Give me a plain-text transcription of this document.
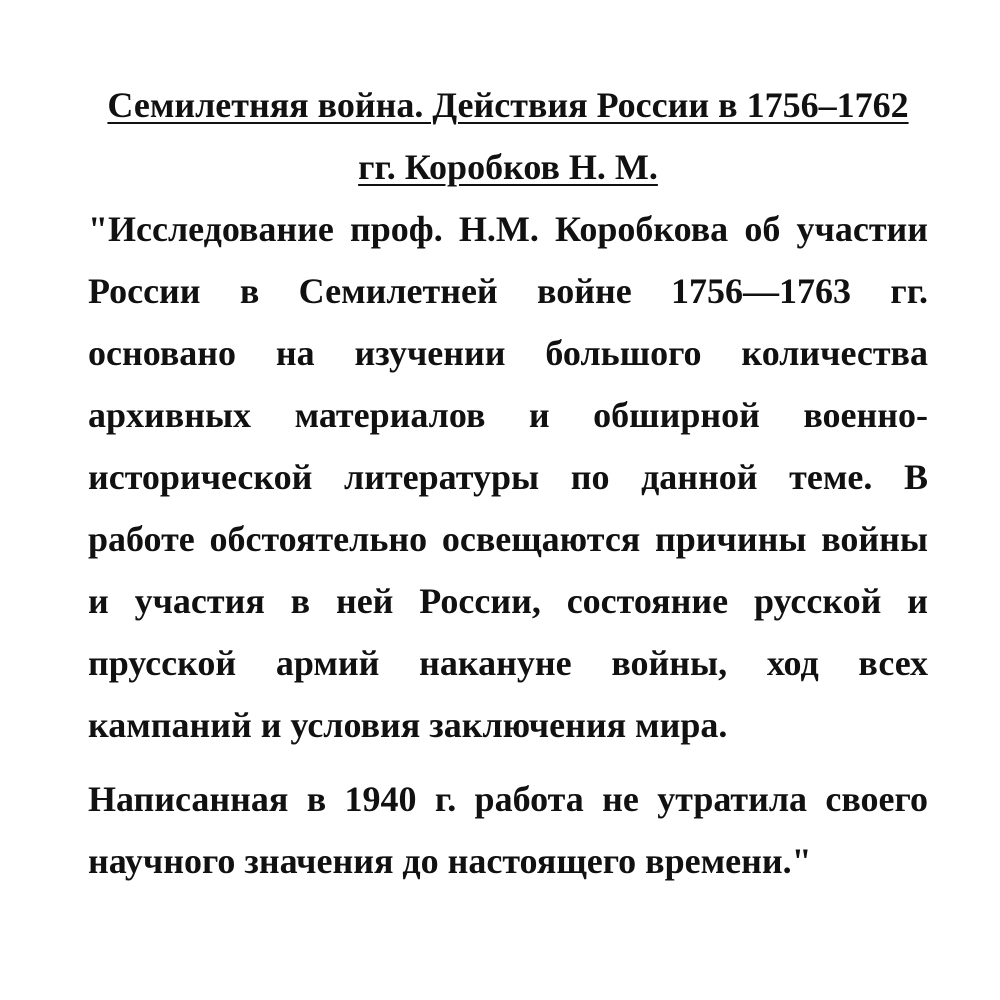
Семилетняя война. Действия России в 1756–1762 гг. Коробков Н. М.

"Исследование проф. Н.М. Коробкова об участии России в Семилетней войне 1756—1763 гг. основано на изучении большого количества архивных материалов и обширной военно-исторической литературы по данной теме. В работе обстоятельно освещаются причины войны и участия в ней России, состояние русской и прусской армий накануне войны, ход всех кампаний и условия заключения мира.

Написанная в 1940 г. работа не утратила своего научного значения до настоящего времени."
